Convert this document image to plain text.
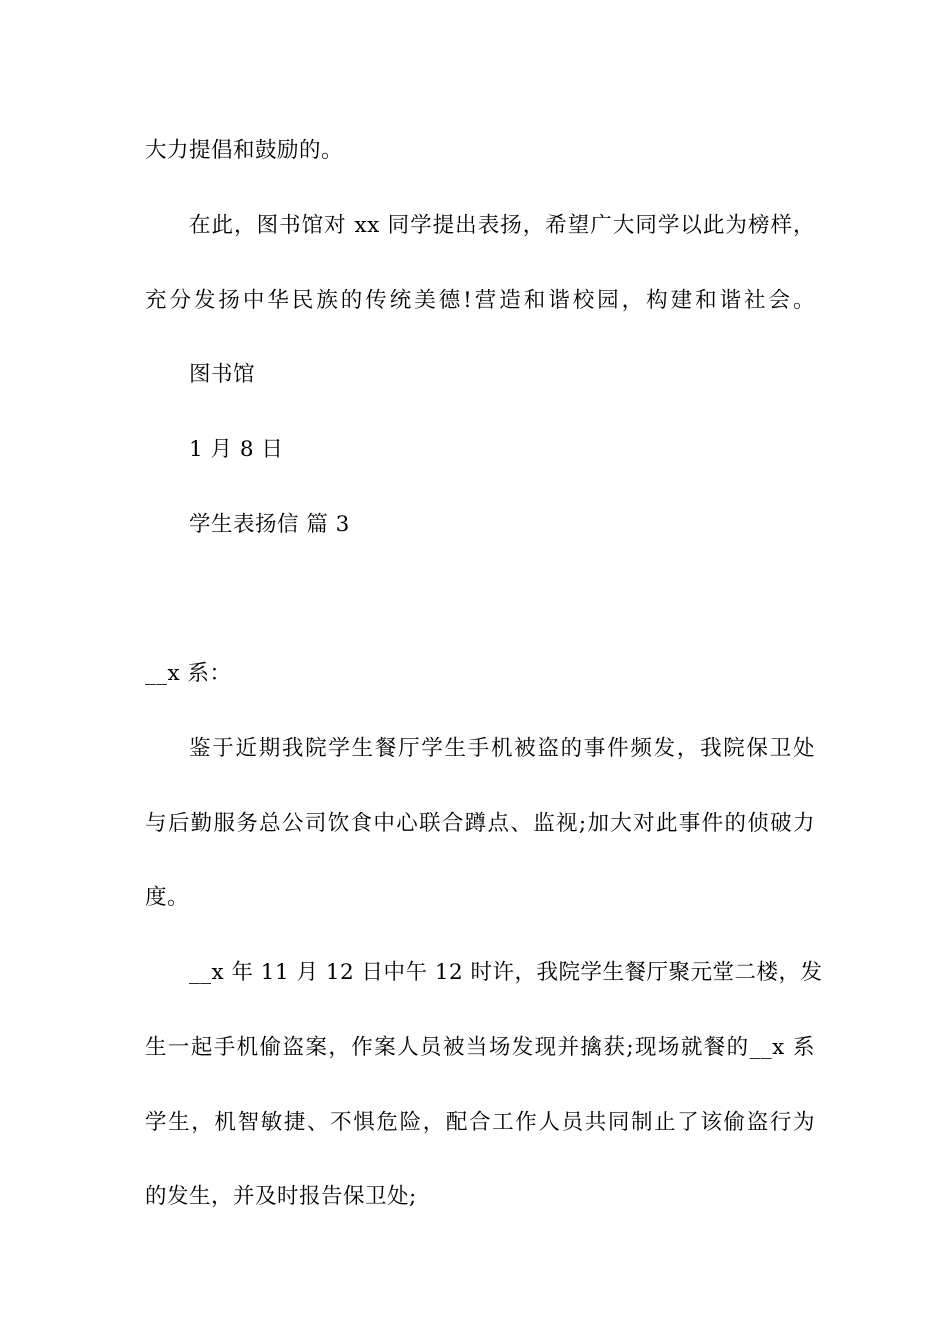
大力提倡和鼓励的。
在此，图书馆对 xx 同学提出表扬，希望广大同学以此为榜样，
充分发扬中华民族的传统美德!营造和谐校园，构建和谐社会。
图书馆
1 月 8 日
学生表扬信 篇 3
__x 系：
鉴于近期我院学生餐厅学生手机被盗的事件频发，我院保卫处
与后勤服务总公司饮食中心联合蹲点、监视;加大对此事件的侦破力
度。
__x 年 11 月 12 日中午 12 时许，我院学生餐厅聚元堂二楼，发
生一起手机偷盗案，作案人员被当场发现并擒获;现场就餐的__x 系
学生，机智敏捷、不惧危险，配合工作人员共同制止了该偷盗行为
的发生，并及时报告保卫处;
